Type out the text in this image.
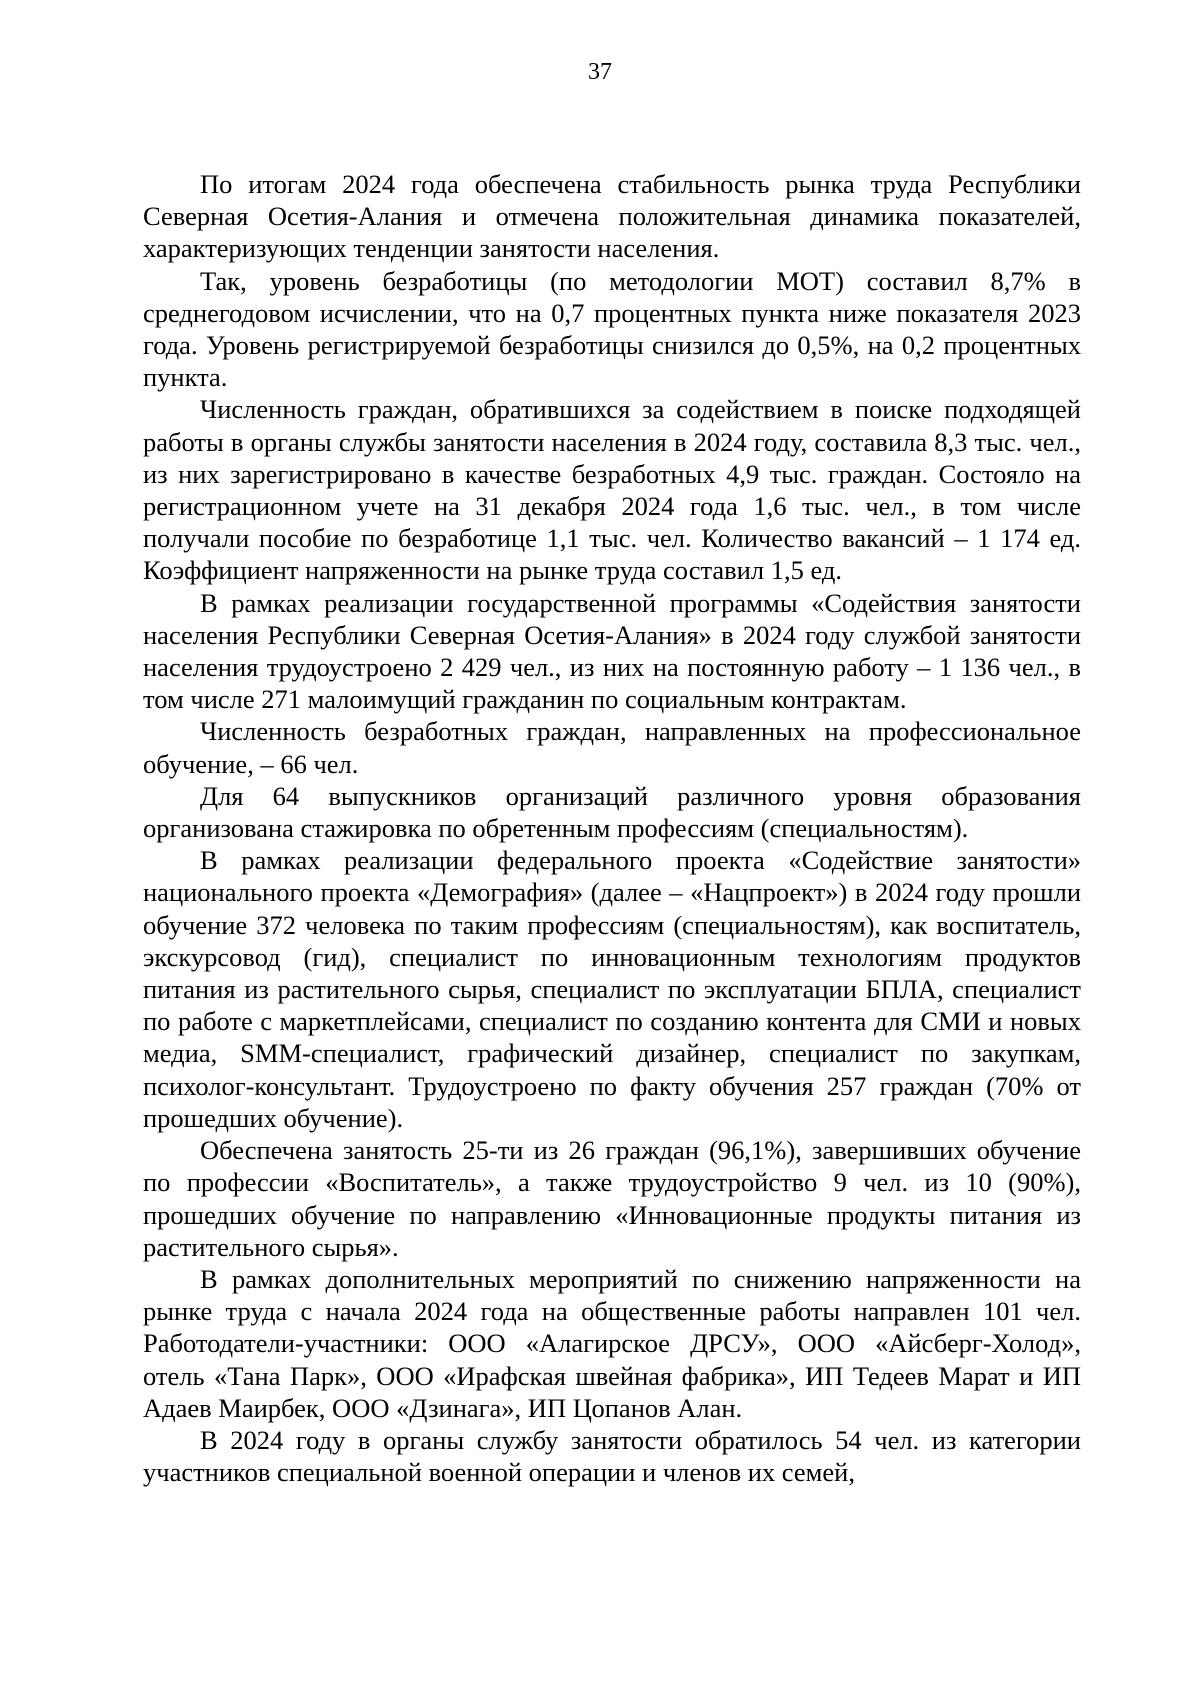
37

По итогам 2024 года обеспечена стабильность рынка труда Республики Северная Осетия-Алания и отмечена положительная динамика показателей, характеризующих тенденции занятости населения.

Так, уровень безработицы (по методологии МОТ) составил 8,7% в среднегодовом исчислении, что на 0,7 процентных пункта ниже показателя 2023 года. Уровень регистрируемой безработицы снизился до 0,5%, на 0,2 процентных пункта.

Численность граждан, обратившихся за содействием в поиске подходящей работы в органы службы занятости населения в 2024 году, составила 8,3 тыс. чел., из них зарегистрировано в качестве безработных 4,9 тыс. граждан. Состояло на регистрационном учете на 31 декабря 2024 года 1,6 тыс. чел., в том числе получали пособие по безработице 1,1 тыс. чел. Количество вакансий – 1 174 ед. Коэффициент напряженности на рынке труда составил 1,5 ед.

В рамках реализации государственной программы «Содействия занятости населения Республики Северная Осетия-Алания» в 2024 году службой занятости населения трудоустроено 2 429 чел., из них на постоянную работу – 1 136 чел., в том числе 271 малоимущий гражданин по социальным контрактам.

Численность безработных граждан, направленных на профессиональное обучение, – 66 чел.

Для 64 выпускников организаций различного уровня образования организована стажировка по обретенным профессиям (специальностям).

В рамках реализации федерального проекта «Содействие занятости» национального проекта «Демография» (далее – «Нацпроект») в 2024 году прошли обучение 372 человека по таким профессиям (специальностям), как воспитатель, экскурсовод (гид), специалист по инновационным технологиям продуктов питания из растительного сырья, специалист по эксплуатации БПЛА, специалист по работе с маркетплейсами, специалист по созданию контента для СМИ и новых медиа, SMM-специалист, графический дизайнер, специалист по закупкам, психолог-консультант. Трудоустроено по факту обучения 257 граждан (70% от прошедших обучение).

Обеспечена занятость 25-ти из 26 граждан (96,1%), завершивших обучение по профессии «Воспитатель», а также трудоустройство 9 чел. из 10 (90%), прошедших обучение по направлению «Инновационные продукты питания из растительного сырья».

В рамках дополнительных мероприятий по снижению напряженности на рынке труда с начала 2024 года на общественные работы направлен 101 чел. Работодатели-участники: ООО «Алагирское ДРСУ», ООО «Айсберг-Холод», отель «Тана Парк», ООО «Ирафская швейная фабрика», ИП Тедеев Марат и ИП Адаев Маирбек, ООО «Дзинага», ИП Цопанов Алан.

В 2024 году в органы службу занятости обратилось 54 чел. из категории участников специальной военной операции и членов их семей,
